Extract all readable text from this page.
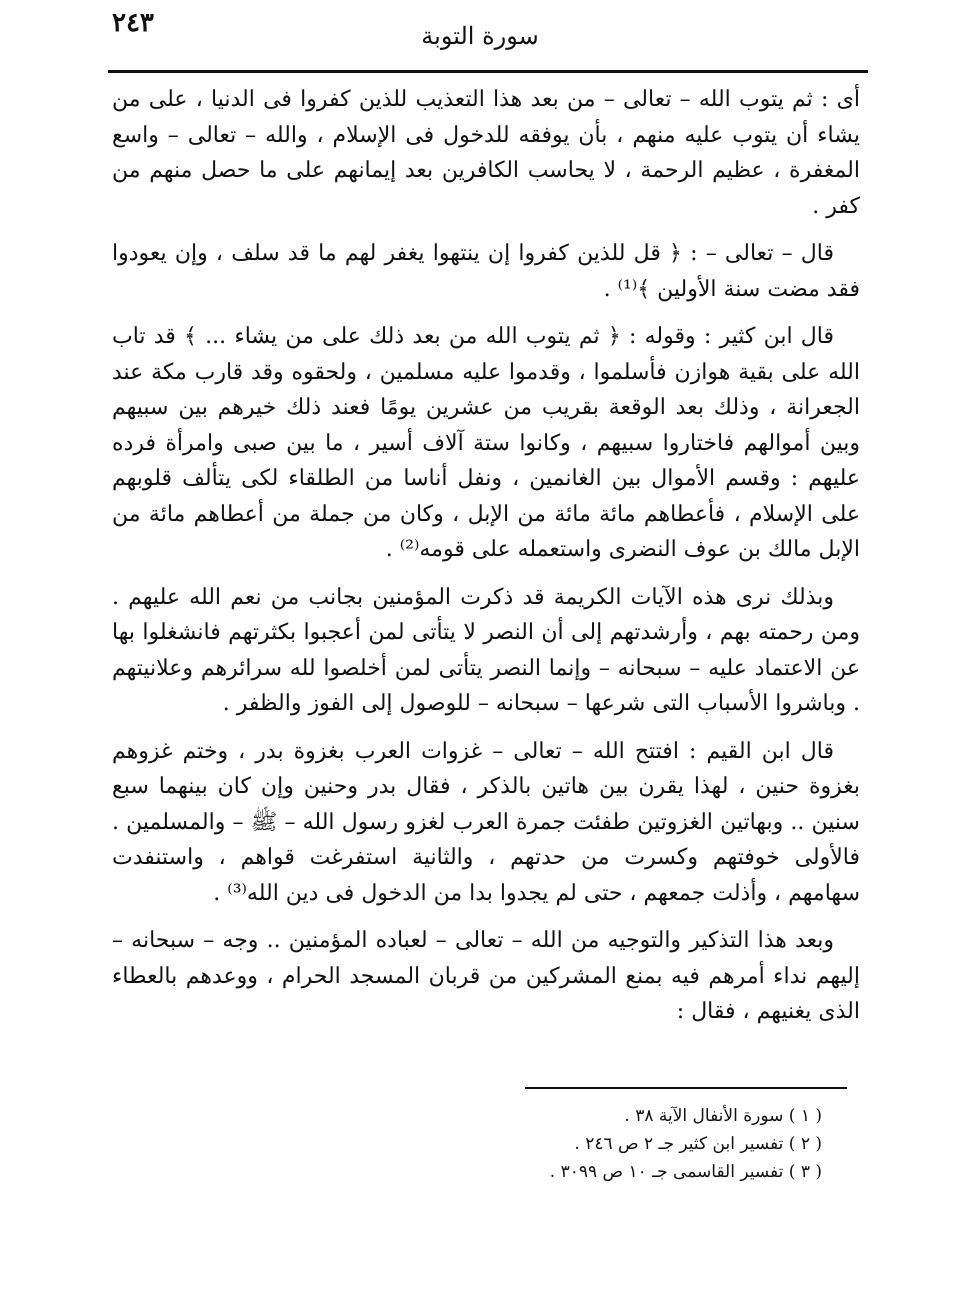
٢٤٣	سورة التوبة

أى : ثم يتوب الله – تعالى – من بعد هذا التعذيب للذين كفروا فى الدنيا ، على من يشاء أن يتوب عليه منهم ، بأن يوفقه للدخول فى الإسلام ، والله – تعالى – واسع المغفرة ، عظيم الرحمة ، لا يحاسب الكافرين بعد إيمانهم على ما حصل منهم من كفر .

قال – تعالى – : ﴿ قل للذين كفروا إن ينتهوا يغفر لهم ما قد سلف ، وإن يعودوا فقد مضت سنة الأولين ﴾⁽¹⁾ .

قال ابن كثير : وقوله : ﴿ ثم يتوب الله من بعد ذلك على من يشاء ... ﴾ قد تاب الله على بقية هوازن فأسلموا ، وقدموا عليه مسلمين ، ولحقوه وقد قارب مكة عند الجعرانة ، وذلك بعد الوقعة بقريب من عشرين يومًا فعند ذلك خيرهم بين سبيهم وبين أموالهم فاختاروا سبيهم ، وكانوا ستة آلاف أسير ، ما بين صبى وامرأة فرده عليهم : وقسم الأموال بين الغانمين ، ونفل أناسا من الطلقاء لكى يتألف قلوبهم على الإسلام ، فأعطاهم مائة مائة من الإبل ، وكان من جملة من أعطاهم مائة من الإبل مالك بن عوف النضرى واستعمله على قومه⁽²⁾ .

وبذلك نرى هذه الآيات الكريمة قد ذكرت المؤمنين بجانب من نعم الله عليهم . ومن رحمته بهم ، وأرشدتهم إلى أن النصر لا يتأتى لمن أعجبوا بكثرتهم فانشغلوا بها عن الاعتماد عليه – سبحانه – وإنما النصر يتأتى لمن أخلصوا لله سرائرهم وعلانيتهم . وباشروا الأسباب التى شرعها – سبحانه – للوصول إلى الفوز والظفر .

قال ابن القيم : افتتح الله – تعالى – غزوات العرب بغزوة بدر ، وختم غزوهم بغزوة حنين ، لهذا يقرن بين هاتين بالذكر ، فقال بدر وحنين وإن كان بينهما سبع سنين .. وبهاتين الغزوتين طفئت جمرة العرب لغزو رسول الله – ﷺ – والمسلمين . فالأولى خوفتهم وكسرت من حدتهم ، والثانية استفرغت قواهم ، واستنفدت سهامهم ، وأذلت جمعهم ، حتى لم يجدوا بدا من الدخول فى دين الله⁽³⁾ .

وبعد هذا التذكير والتوجيه من الله – تعالى – لعباده المؤمنين .. وجه – سبحانه – إليهم نداء أمرهم فيه بمنع المشركين من قربان المسجد الحرام ، ووعدهم بالعطاء الذى يغنيهم ، فقال :

( ١ ) سورة الأنفال الآية ٣٨ .
( ٢ ) تفسير ابن كثير جـ ٢ ص ٢٤٦ .
( ٣ ) تفسير القاسمى جـ ١٠ ص ٣٠٩٩ .
